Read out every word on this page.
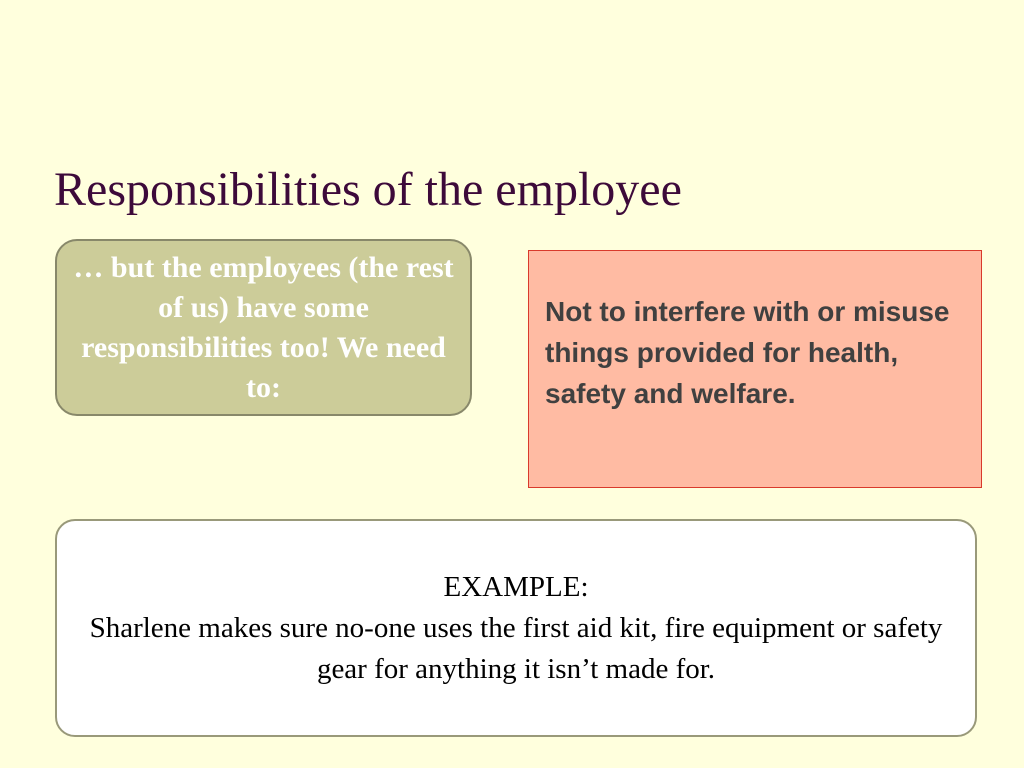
Responsibilities of the employee
… but the employees (the rest of us) have some responsibilities too! We need to:
Not to interfere with or misuse things provided for health, safety and welfare.
EXAMPLE:
Sharlene makes sure no-one uses the first aid kit, fire equipment or safety gear for anything it isn’t made for.
